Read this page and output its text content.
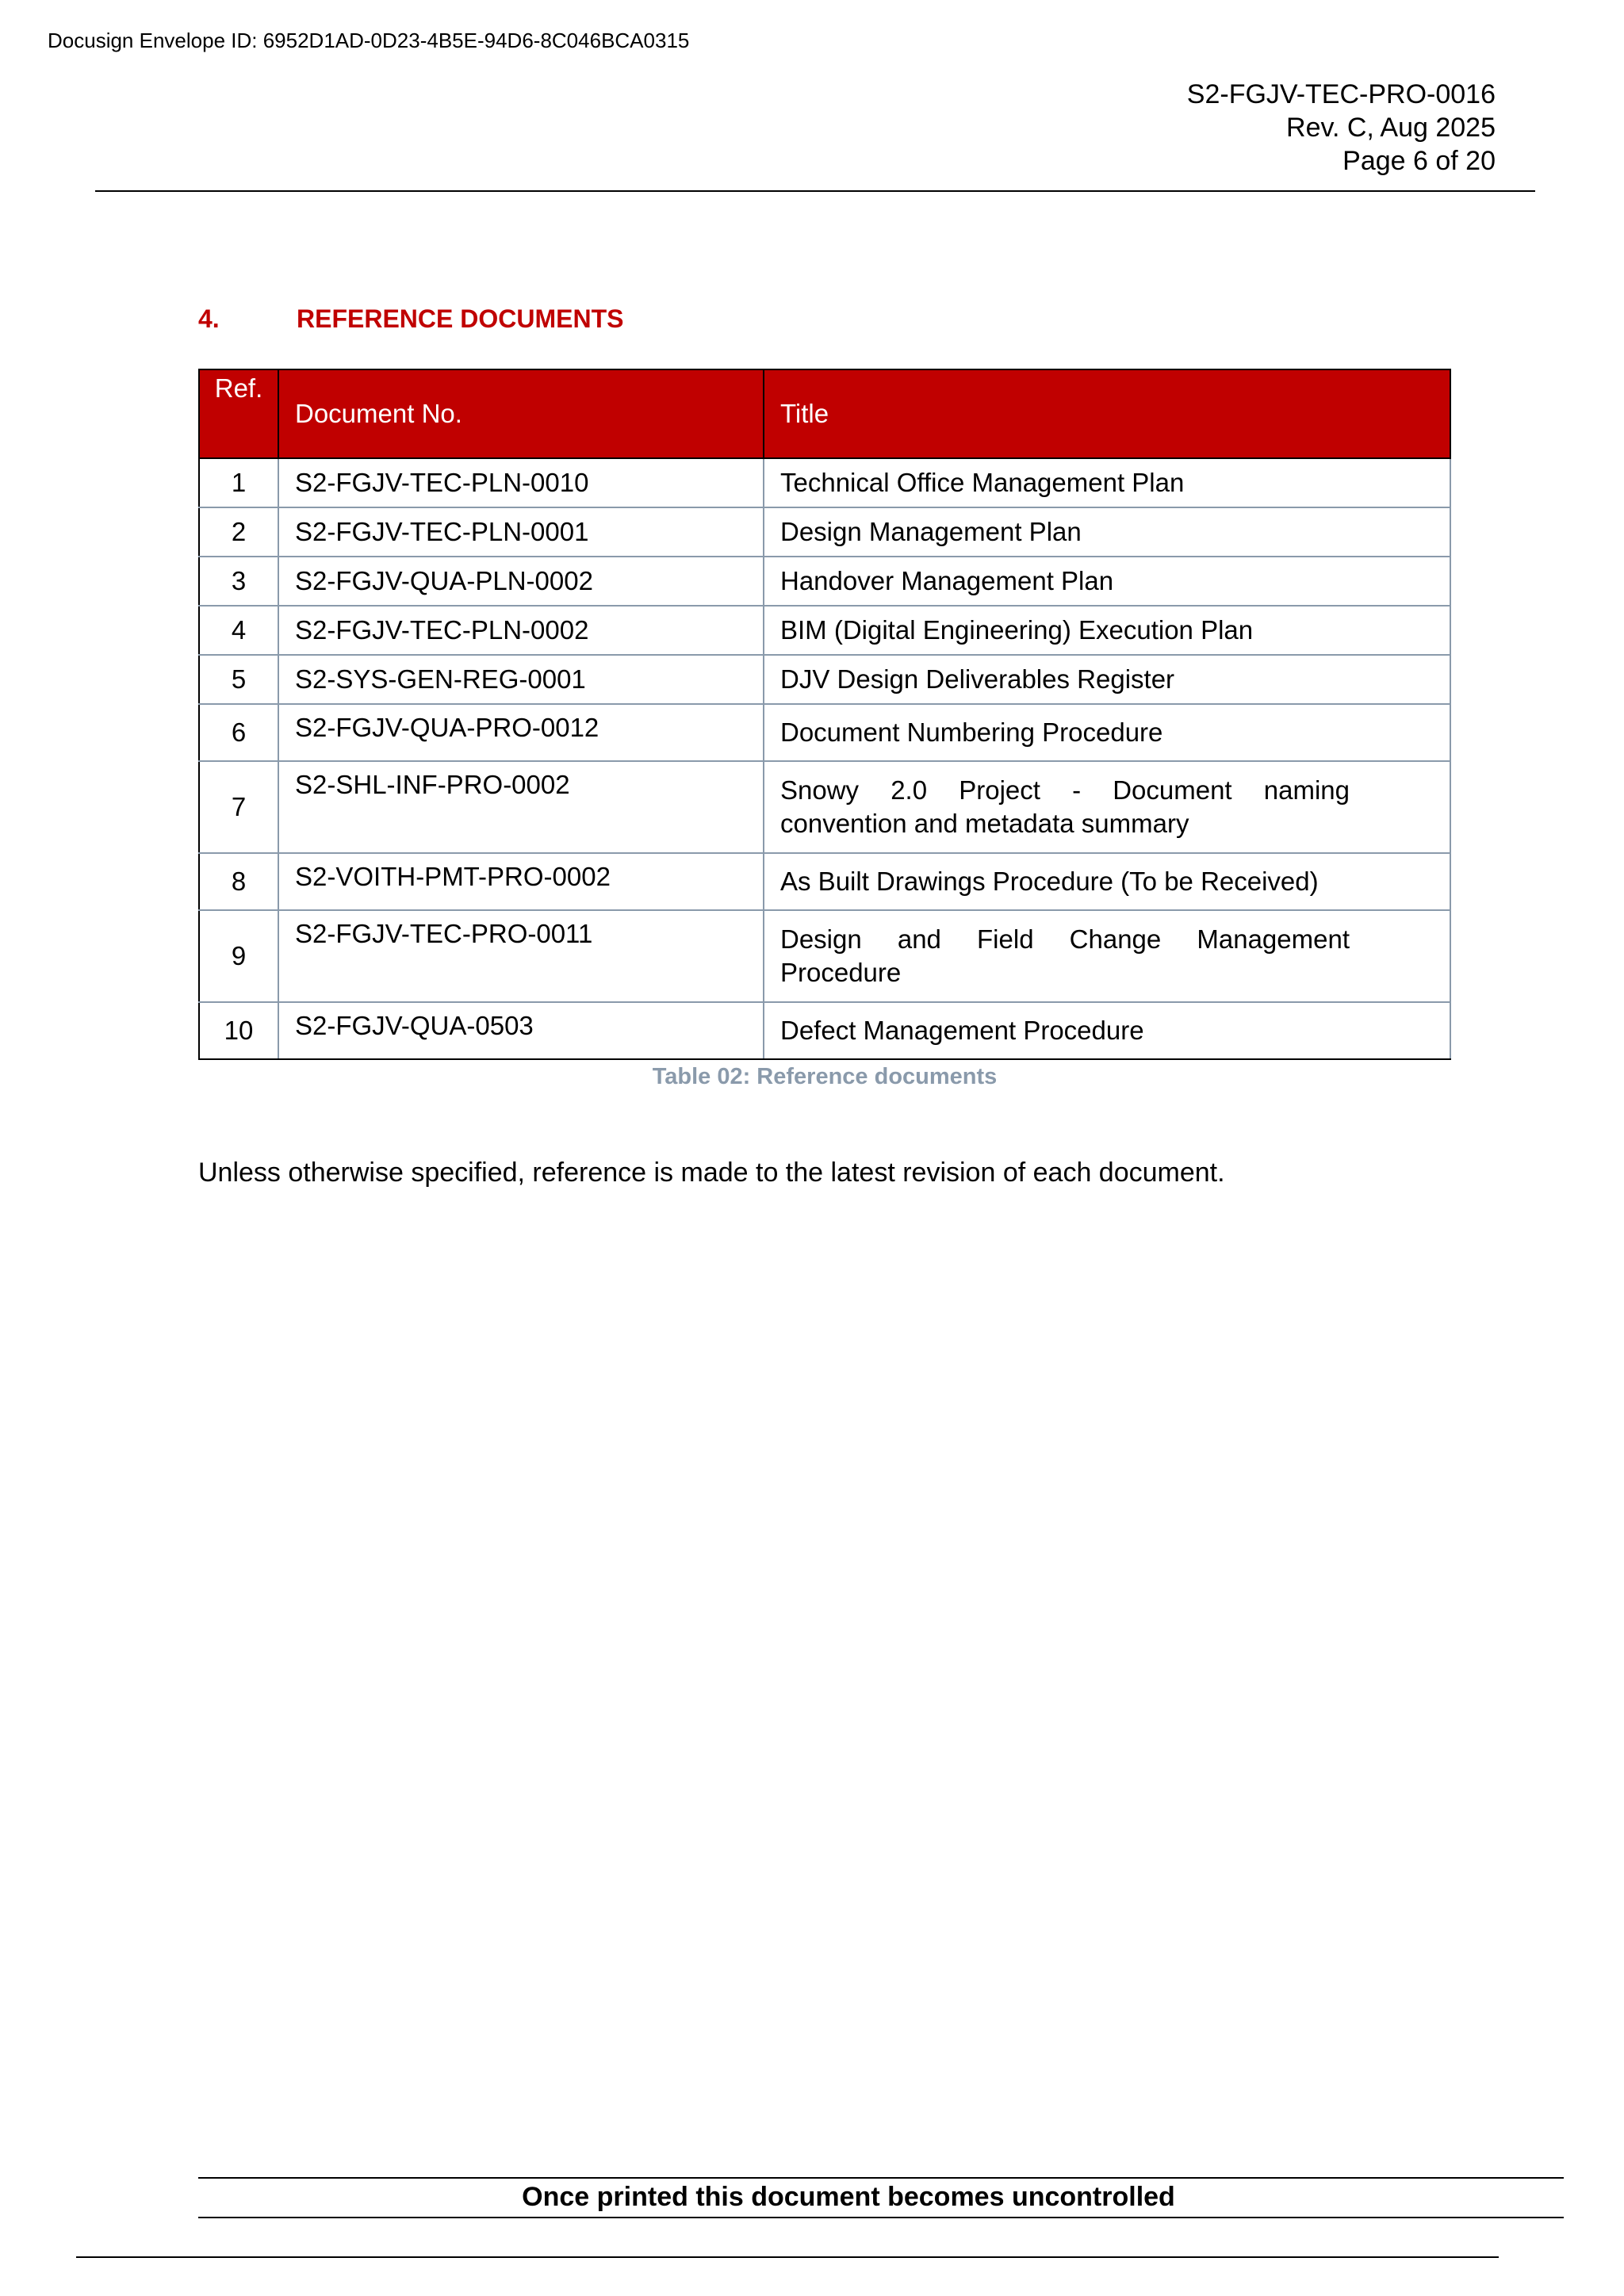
Docusign Envelope ID: 6952D1AD-0D23-4B5E-94D6-8C046BCA0315
S2-FGJV-TEC-PRO-0016
Rev. C, Aug 2025
Page 6 of 20
4.	REFERENCE DOCUMENTS
Ref.	Document No.	Title
1	S2-FGJV-TEC-PLN-0010	Technical Office Management Plan
2	S2-FGJV-TEC-PLN-0001	Design Management Plan
3	S2-FGJV-QUA-PLN-0002	Handover Management Plan
4	S2-FGJV-TEC-PLN-0002	BIM (Digital Engineering) Execution Plan
5	S2-SYS-GEN-REG-0001	DJV Design Deliverables Register
6	S2-FGJV-QUA-PRO-0012	Document Numbering Procedure
7	S2-SHL-INF-PRO-0002	Snowy 2.0 Project - Document naming convention and metadata summary
8	S2-VOITH-PMT-PRO-0002	As Built Drawings Procedure (To be Received)
9	S2-FGJV-TEC-PRO-0011	Design and Field Change Management Procedure
10	S2-FGJV-QUA-0503	Defect Management Procedure
Table 02: Reference documents
Unless otherwise specified, reference is made to the latest revision of each document.
Once printed this document becomes uncontrolled
